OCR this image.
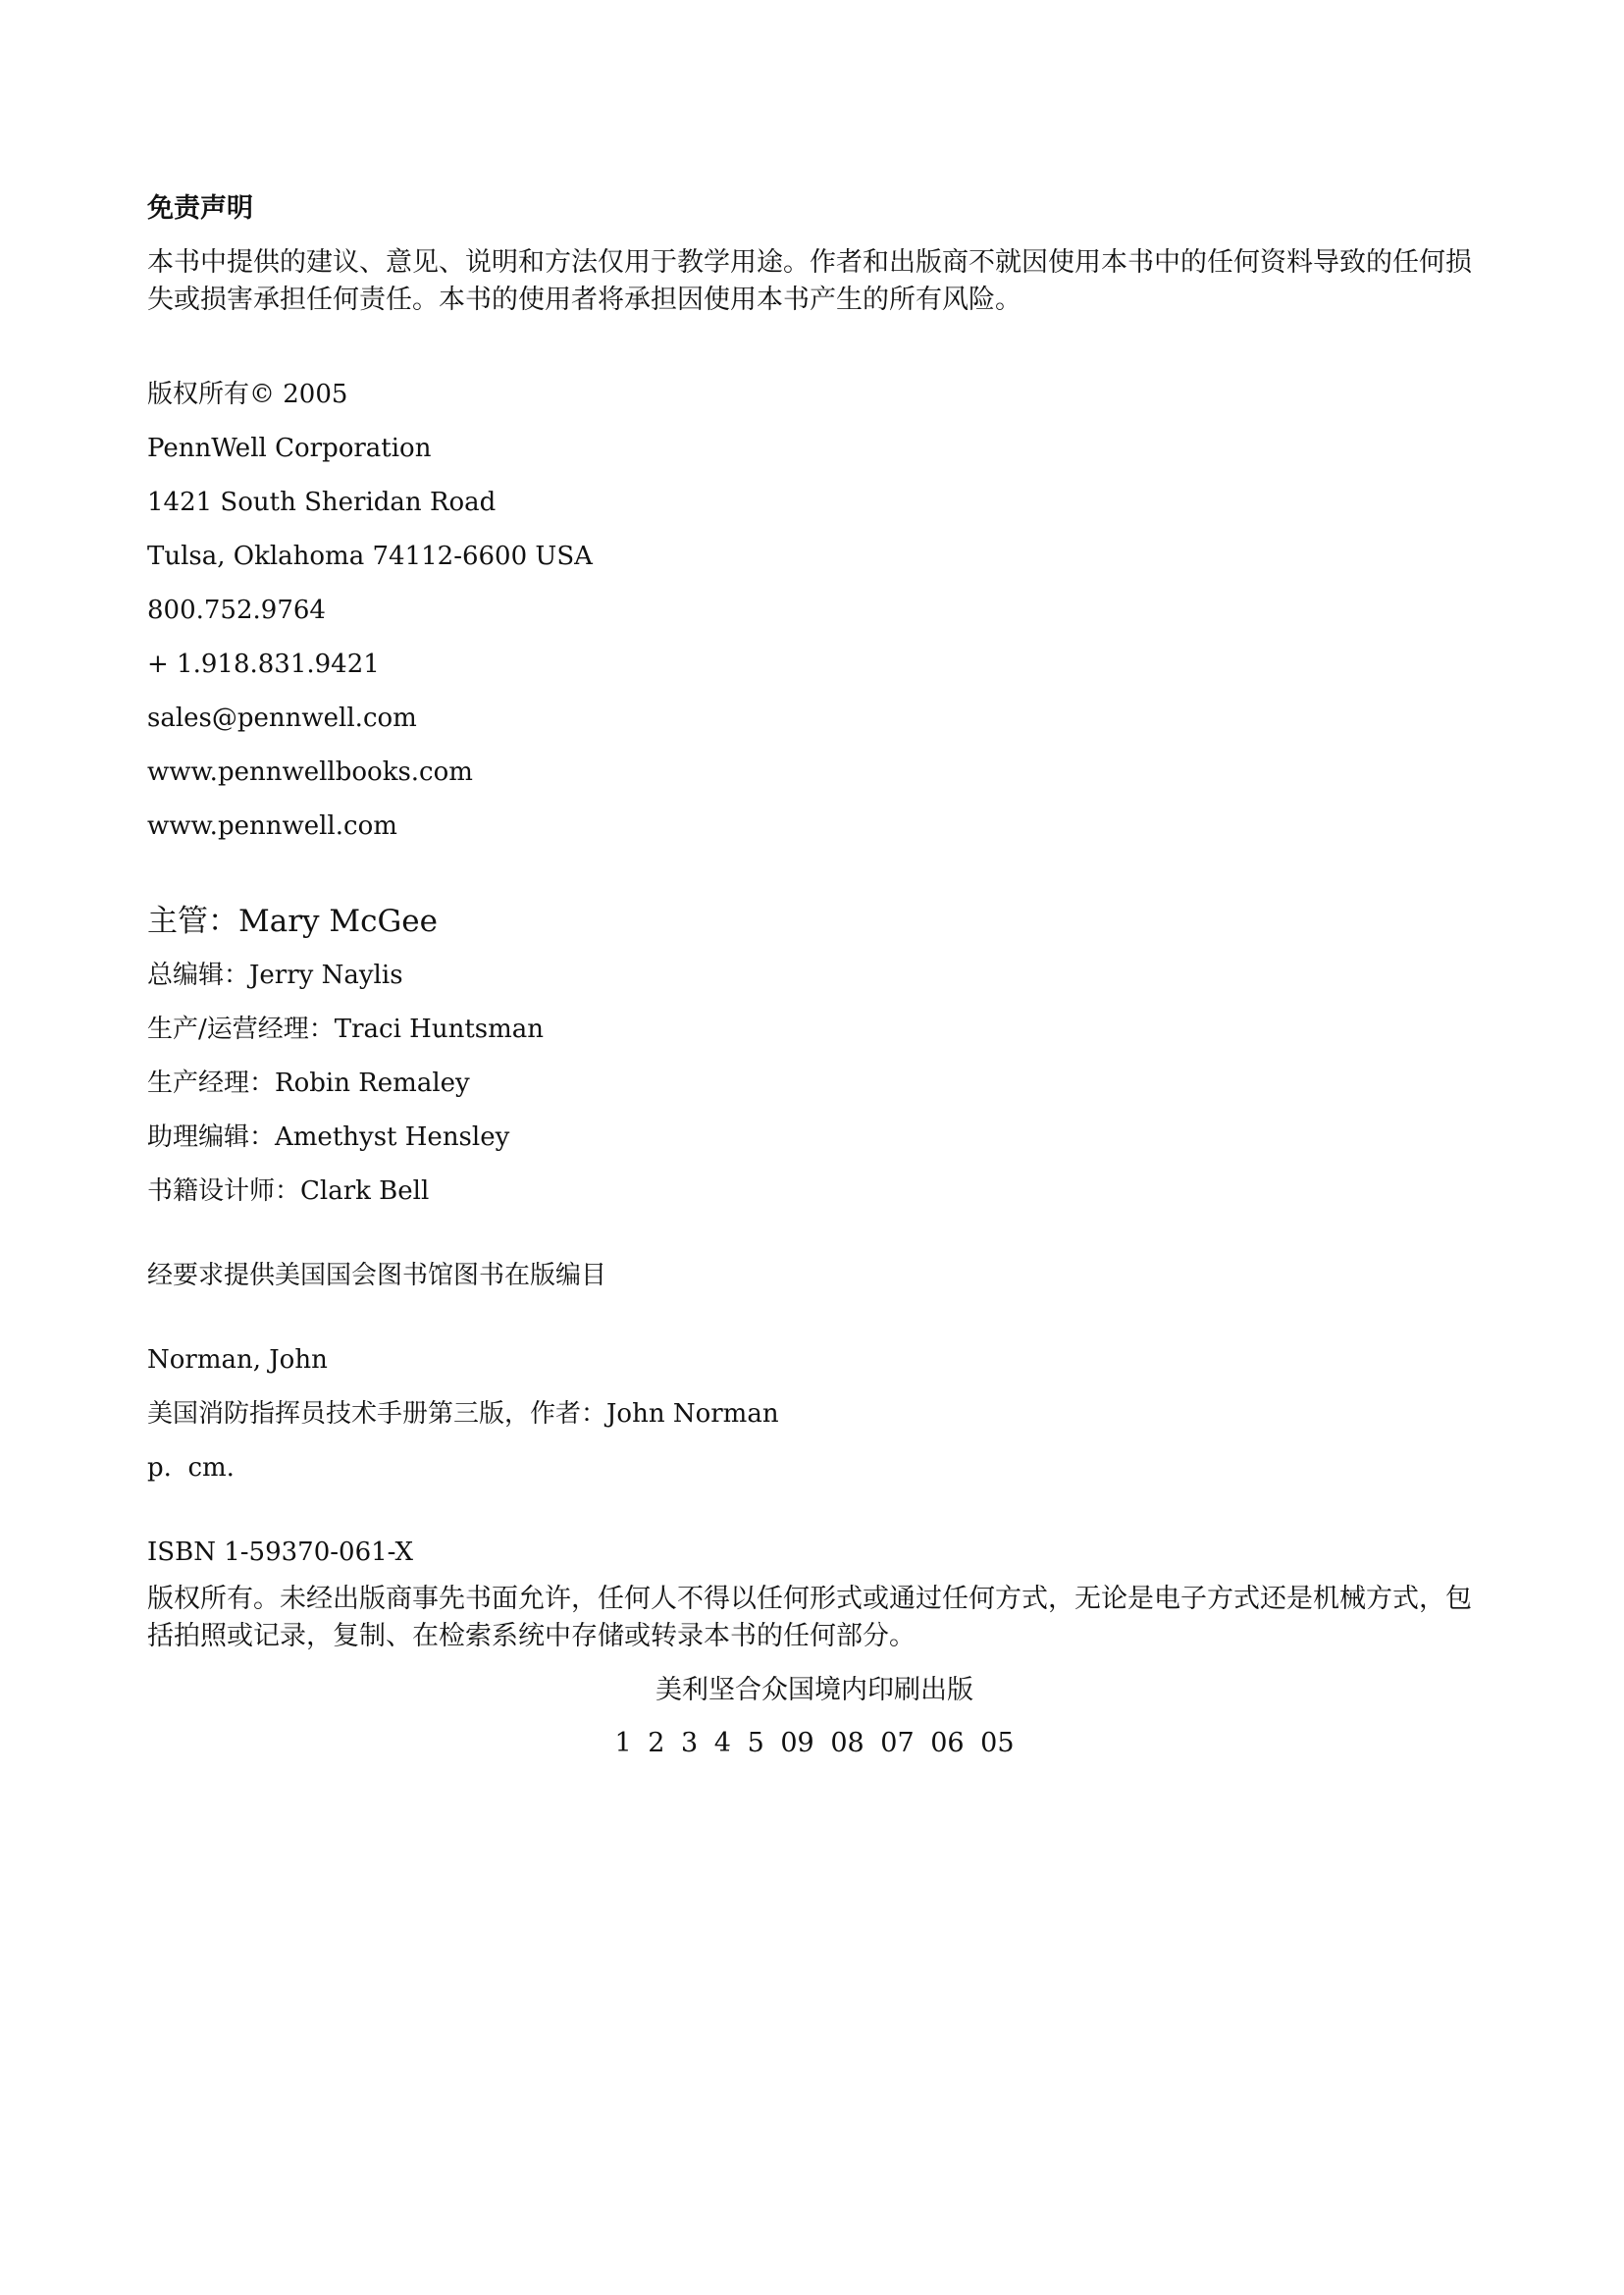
免责声明

本书中提供的建议、意见、说明和方法仅用于教学用途。作者和出版商不就因使用本书中的任何资料导致的任何损失或损害承担任何责任。本书的使用者将承担因使用本书产生的所有风险。

版权所有© 2005
PennWell Corporation
1421 South Sheridan Road
Tulsa, Oklahoma 74112-6600 USA
800.752.9764
+ 1.918.831.9421
sales@pennwell.com
www.pennwellbooks.com
www.pennwell.com
主管：Mary McGee
总编辑：Jerry Naylis
生产/运营经理：Traci Huntsman
生产经理：Robin Remaley
助理编辑：Amethyst Hensley
书籍设计师：Clark Bell
经要求提供美国国会图书馆图书在版编目
Norman, John
美国消防指挥员技术手册第三版，作者：John Norman
p.  cm.
ISBN 1-59370-061-X

版权所有。未经出版商事先书面允许，任何人不得以任何形式或通过任何方式，无论是电子方式还是机械方式，包括拍照或记录，复制、在检索系统中存储或转录本书的任何部分。

美利坚合众国境内印刷出版
1 2 3 4 5 09 08 07 06 05
